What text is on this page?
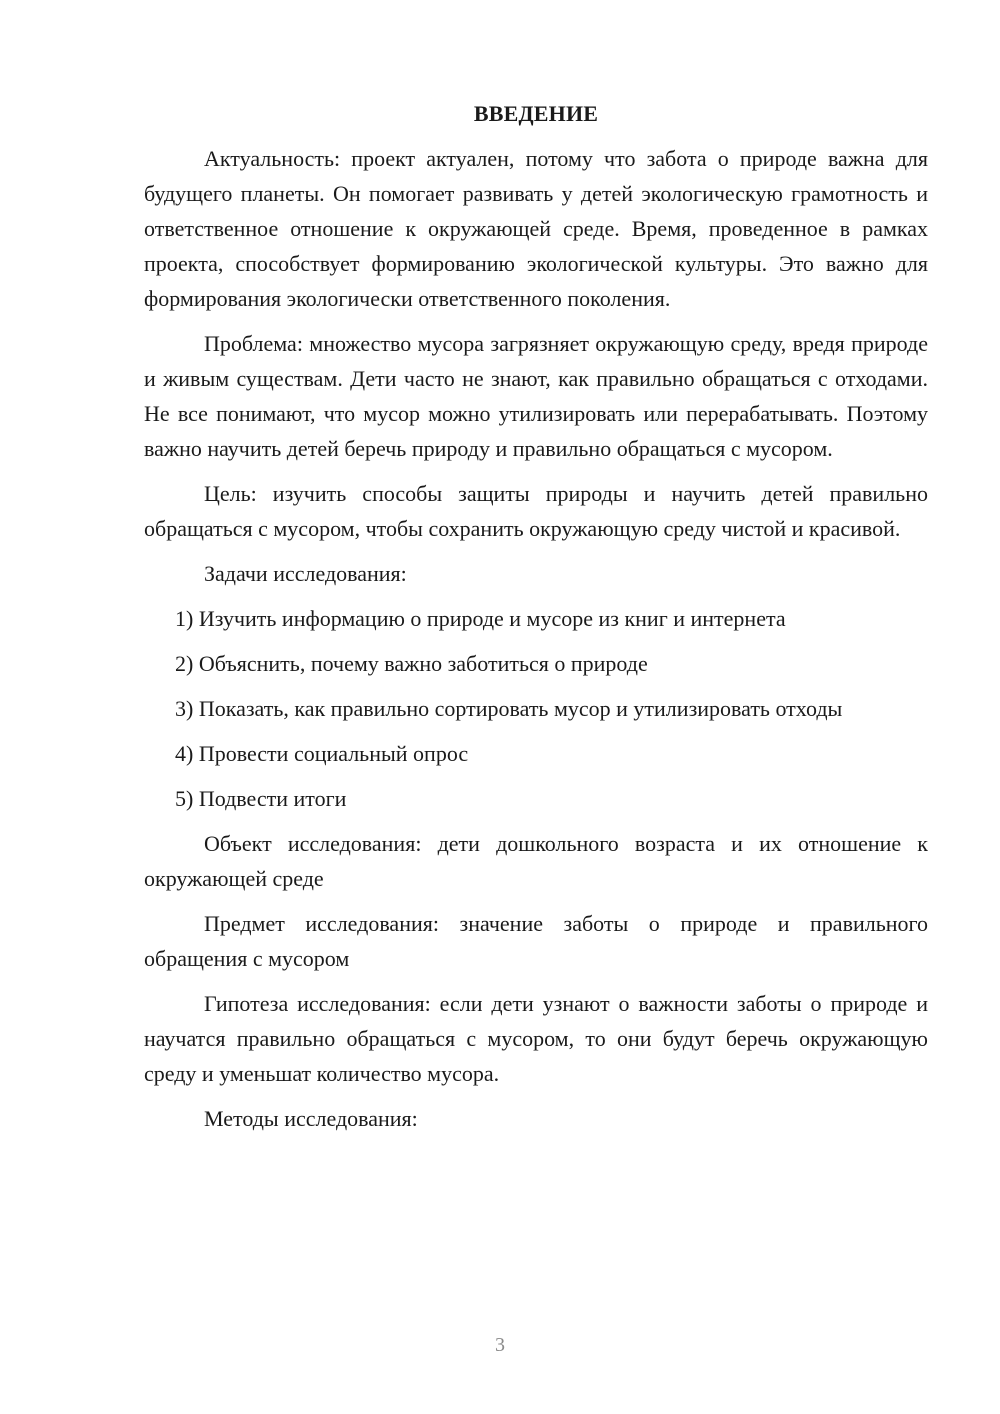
ВВЕДЕНИЕ

Актуальность: проект актуален, потому что забота о природе важна для будущего планеты. Он помогает развивать у детей экологическую грамотность и ответственное отношение к окружающей среде. Время, проведенное в рамках проекта, способствует формированию экологической культуры. Это важно для формирования экологически ответственного поколения.

Проблема: множество мусора загрязняет окружающую среду, вредя природе и живым существам. Дети часто не знают, как правильно обращаться с отходами. Не все понимают, что мусор можно утилизировать или перерабатывать. Поэтому важно научить детей беречь природу и правильно обращаться с мусором.

Цель: изучить способы защиты природы и научить детей правильно обращаться с мусором, чтобы сохранить окружающую среду чистой и красивой.

Задачи исследования:

1) Изучить информацию о природе и мусоре из книг и интернета

2) Объяснить, почему важно заботиться о природе

3) Показать, как правильно сортировать мусор и утилизировать отходы

4) Провести социальный опрос

5) Подвести итоги

Объект исследования: дети дошкольного возраста и их отношение к окружающей среде

Предмет исследования: значение заботы о природе и правильного обращения с мусором

Гипотеза исследования: если дети узнают о важности заботы о природе и научатся правильно обращаться с мусором, то они будут беречь окружающую среду и уменьшат количество мусора.

Методы исследования:

3
